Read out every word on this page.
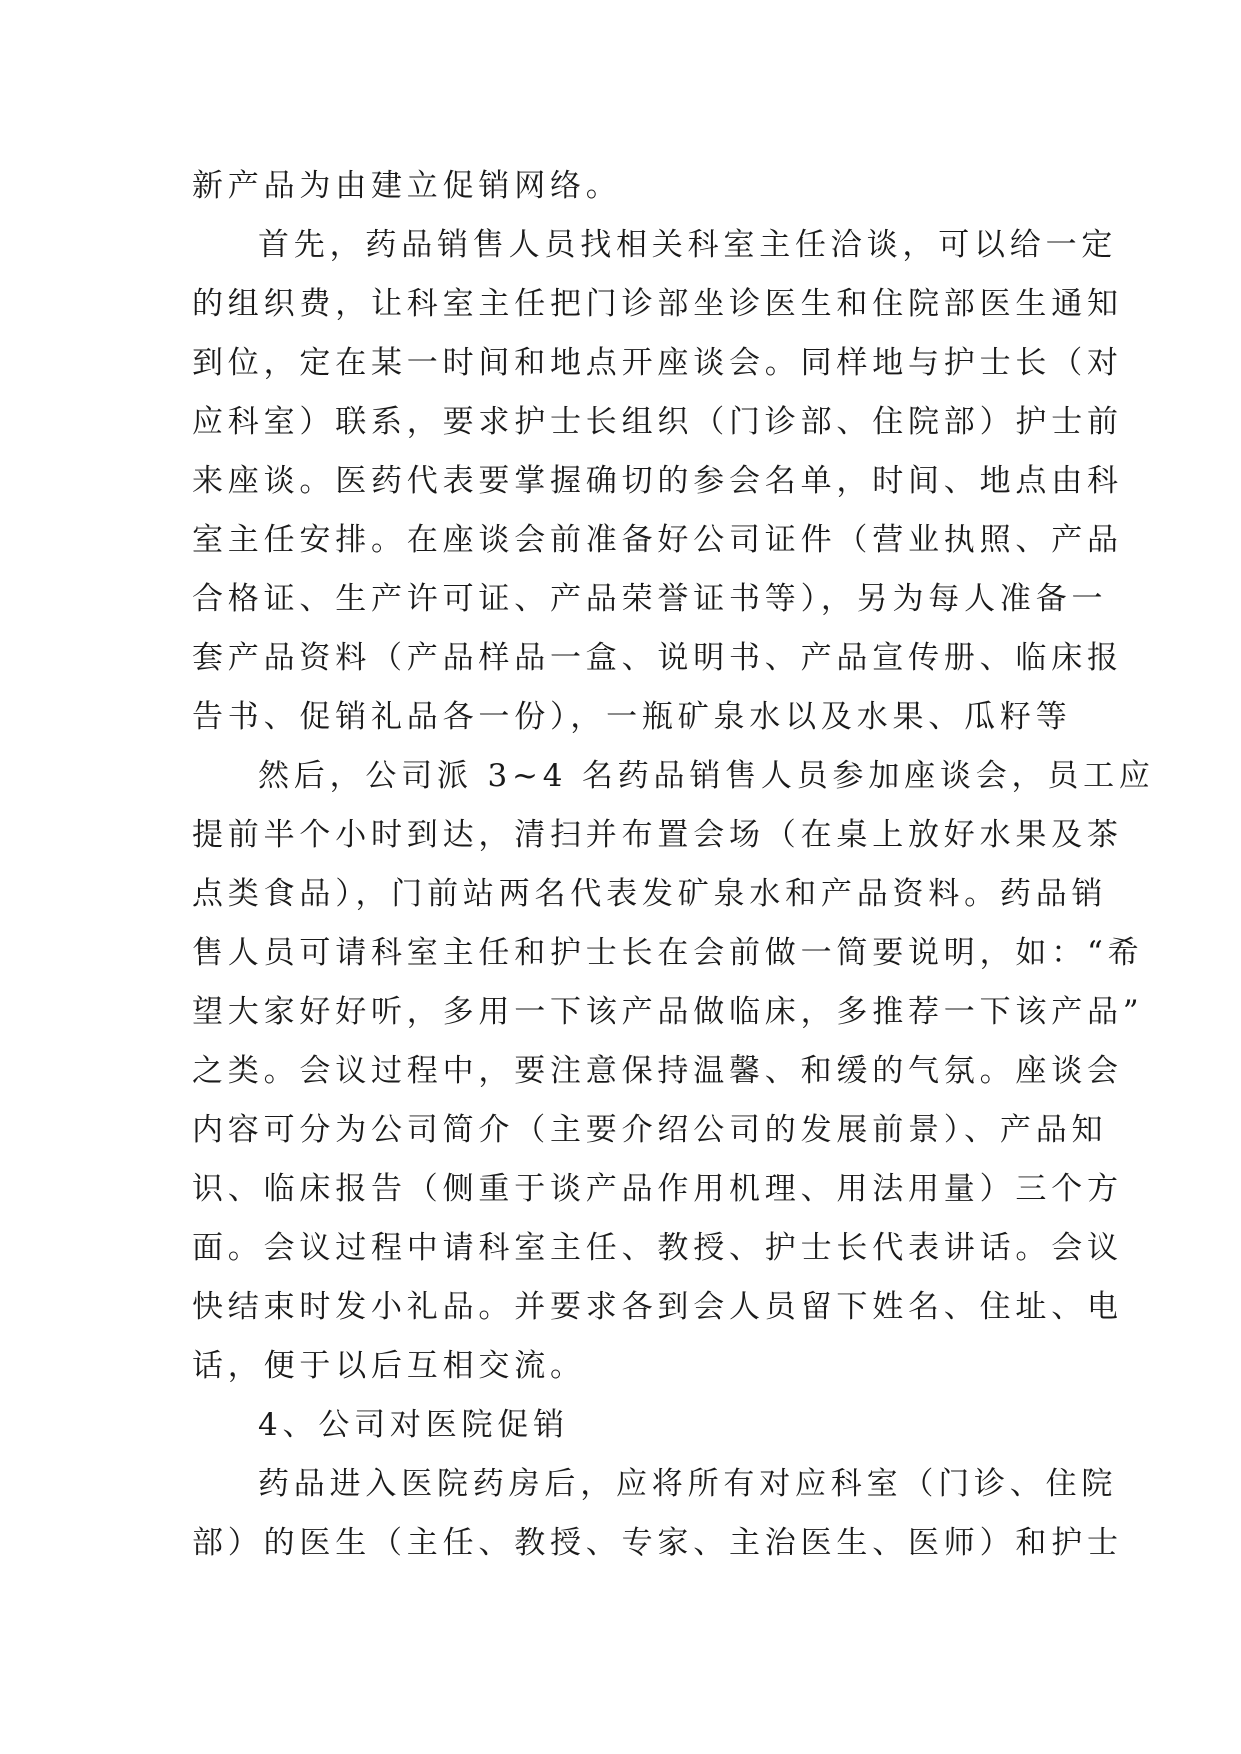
新产品为由建立促销网络。
首先，药品销售人员找相关科室主任洽谈，可以给一定
的组织费，让科室主任把门诊部坐诊医生和住院部医生通知
到位，定在某一时间和地点开座谈会。同样地与护士长（对
应科室）联系，要求护士长组织（门诊部、住院部）护士前
来座谈。医药代表要掌握确切的参会名单，时间、地点由科
室主任安排。在座谈会前准备好公司证件（营业执照、产品
合格证、生产许可证、产品荣誉证书等），另为每人准备一
套产品资料（产品样品一盒、说明书、产品宣传册、临床报
告书、促销礼品各一份），一瓶矿泉水以及水果、瓜籽等
然后，公司派 3~4 名药品销售人员参加座谈会，员工应
提前半个小时到达，清扫并布置会场（在桌上放好水果及茶
点类食品），门前站两名代表发矿泉水和产品资料。药品销
售人员可请科室主任和护士长在会前做一简要说明，如：“希
望大家好好听，多用一下该产品做临床，多推荐一下该产品”
之类。会议过程中，要注意保持温馨、和缓的气氛。座谈会
内容可分为公司简介（主要介绍公司的发展前景）、产品知
识、临床报告（侧重于谈产品作用机理、用法用量）三个方
面。会议过程中请科室主任、教授、护士长代表讲话。会议
快结束时发小礼品。并要求各到会人员留下姓名、住址、电
话，便于以后互相交流。
4、公司对医院促销
药品进入医院药房后，应将所有对应科室（门诊、住院
部）的医生（主任、教授、专家、主治医生、医师）和护士
